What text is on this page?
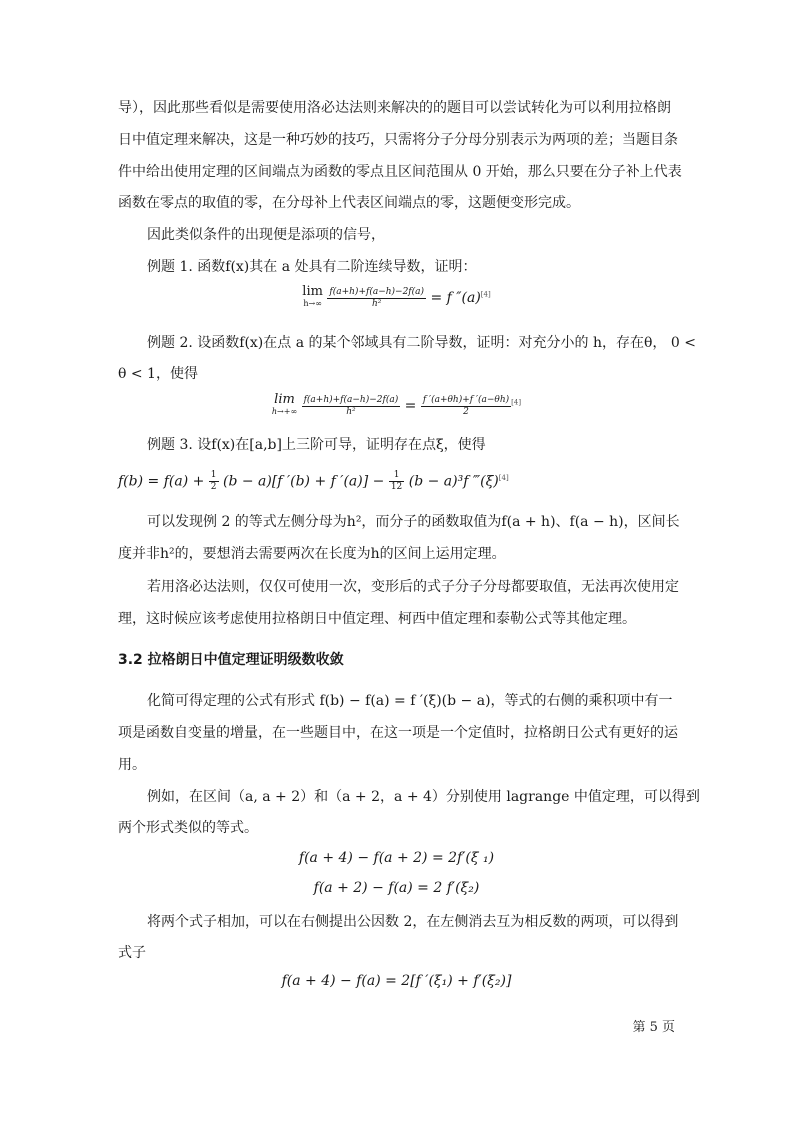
导），因此那些看似是需要使用洛必达法则来解决的的题目可以尝试转化为可以利用拉格朗
日中值定理来解决，这是一种巧妙的技巧，只需将分子分母分别表示为两项的差；当题目条
件中给出使用定理的区间端点为函数的零点且区间范围从 0 开始，那么只要在分子补上代表
函数在零点的取值的零，在分母补上代表区间端点的零，这题便变形完成。
因此类似条件的出现便是添项的信号，
例题 1. 函数f(x)其在 a 处具有二阶连续导数，证明：
lim
h→∞
$\frac{f(a+h)+f(a-h)-2f(a)}{\text{h²}} = f$ ″(a)[4]
例题 2. 设函数f(x)在点 a 的某个邻域具有二阶导数，证明：对充分小的 h，存在θ， 0 <
θ < 1，使得
lim
h→+∞
$\frac{f(a+h)+f(a-h)-2f(a)}{\text{h²}} = \frac{f '(a+\theta h)+f '(a-\theta h)}{2} [4]$
例题 3. 设f(x)在[a,b]上三阶可导，证明存在点ξ，使得
$f(b) = f(a) + \frac{1}{2} (b - a)[f$ ′(b) + f $'(a)] - \frac{1}{12} (b - a)^3f$ ‴(ξ)[4]
可以发现例 2 的等式左侧分母为h²，而分子的函数取值为f(a + h)、f(a − h)，区间长
度并非h²的，要想消去需要两次在长度为h的区间上运用定理。
若用洛必达法则，仅仅可使用一次，变形后的式子分子分母都要取值，无法再次使用定
理，这时候应该考虑使用拉格朗日中值定理、柯西中值定理和泰勒公式等其他定理。
3.2 拉格朗日中值定理证明级数收敛
化简可得定理的公式有形式 f(b) − f(a) = f ′(ξ)(b − a)，等式的右侧的乘积项中有一
项是函数自变量的增量，在一些题目中，在这一项是一个定值时，拉格朗日公式有更好的运
用。
例如，在区间（a, a + 2）和（a + 2，a + 4）分别使用 lagrange 中值定理，可以得到
两个形式类似的等式。
f(a + 4) − f(a + 2) = 2f′(ξ ₁)
f(a + 2) − f(a) = 2 f′(ξ₂)
将两个式子相加，可以在右侧提出公因数 2，在左侧消去互为相反数的两项，可以得到
式子
f(a + 4) − f(a) = 2[f ′(ξ₁) + f′(ξ₂)]
第 5 页
